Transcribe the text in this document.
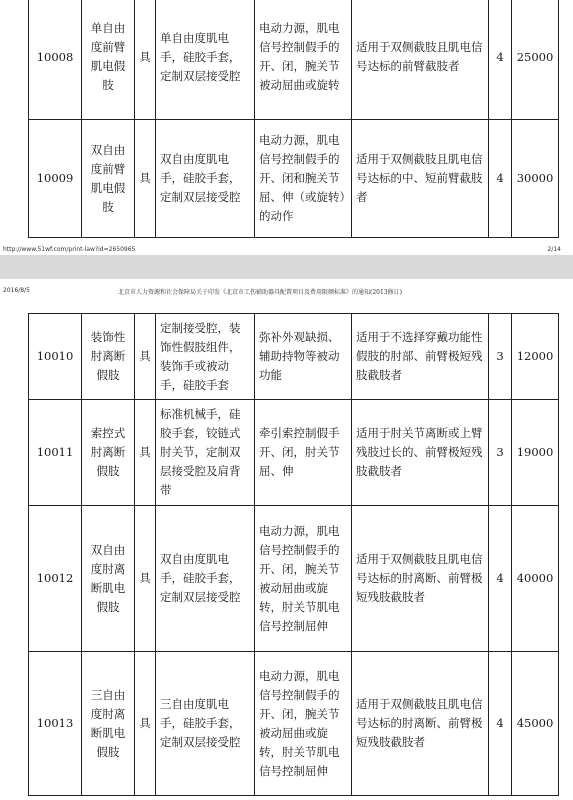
10008	单自由度前臂肌电假肢	具	单自由度肌电手，硅胶手套，定制双层接受腔	电动力源，肌电信号控制假手的开、闭，腕关节被动屈曲或旋转	适用于双侧截肢且肌电信号达标的前臂截肢者	4	25000
10009	双自由度前臂肌电假肢	具	双自由度肌电手，硅胶手套，定制双层接受腔	电动力源，肌电信号控制假手的开、闭和腕关节屈、伸（或旋转）的动作	适用于双侧截肢且肌电信号达标的中、短前臂截肢者	4	30000
http://www.51wf.com/print-law?id=2650965	2/14
2016/8/5	北京市人力资源和社会保障局关于印发《北京市工伤辅助器具配置项目及费用限额标准》的通知(2013修订)
10010	装饰性肘离断假肢	具	定制接受腔，装饰性假肢组件，装饰手或被动手，硅胶手套	弥补外观缺损、辅助持物等被动功能	适用于不选择穿戴功能性假肢的肘部、前臂极短残肢截肢者	3	12000
10011	索控式肘离断假肢	具	标准机械手，硅胶手套，铰链式肘关节，定制双层接受腔及肩背带	牵引索控制假手开、闭，肘关节屈、伸	适用于肘关节离断或上臂残肢过长的、前臂极短残肢截肢者	3	19000
10012	双自由度肘离断肌电假肢	具	双自由度肌电手，硅胶手套，定制双层接受腔	电动力源，肌电信号控制假手的开、闭，腕关节被动屈曲或旋转，肘关节肌电信号控制屈伸	适用于双侧截肢且肌电信号达标的肘离断、前臂极短残肢截肢者	4	40000
10013	三自由度肘离断肌电假肢	具	三自由度肌电手，硅胶手套，定制双层接受腔	电动力源，肌电信号控制假手的开、闭，腕关节被动屈曲或旋转，肘关节肌电信号控制屈伸	适用于双侧截肢且肌电信号达标的肘离断、前臂极短残肢截肢者	4	45000
